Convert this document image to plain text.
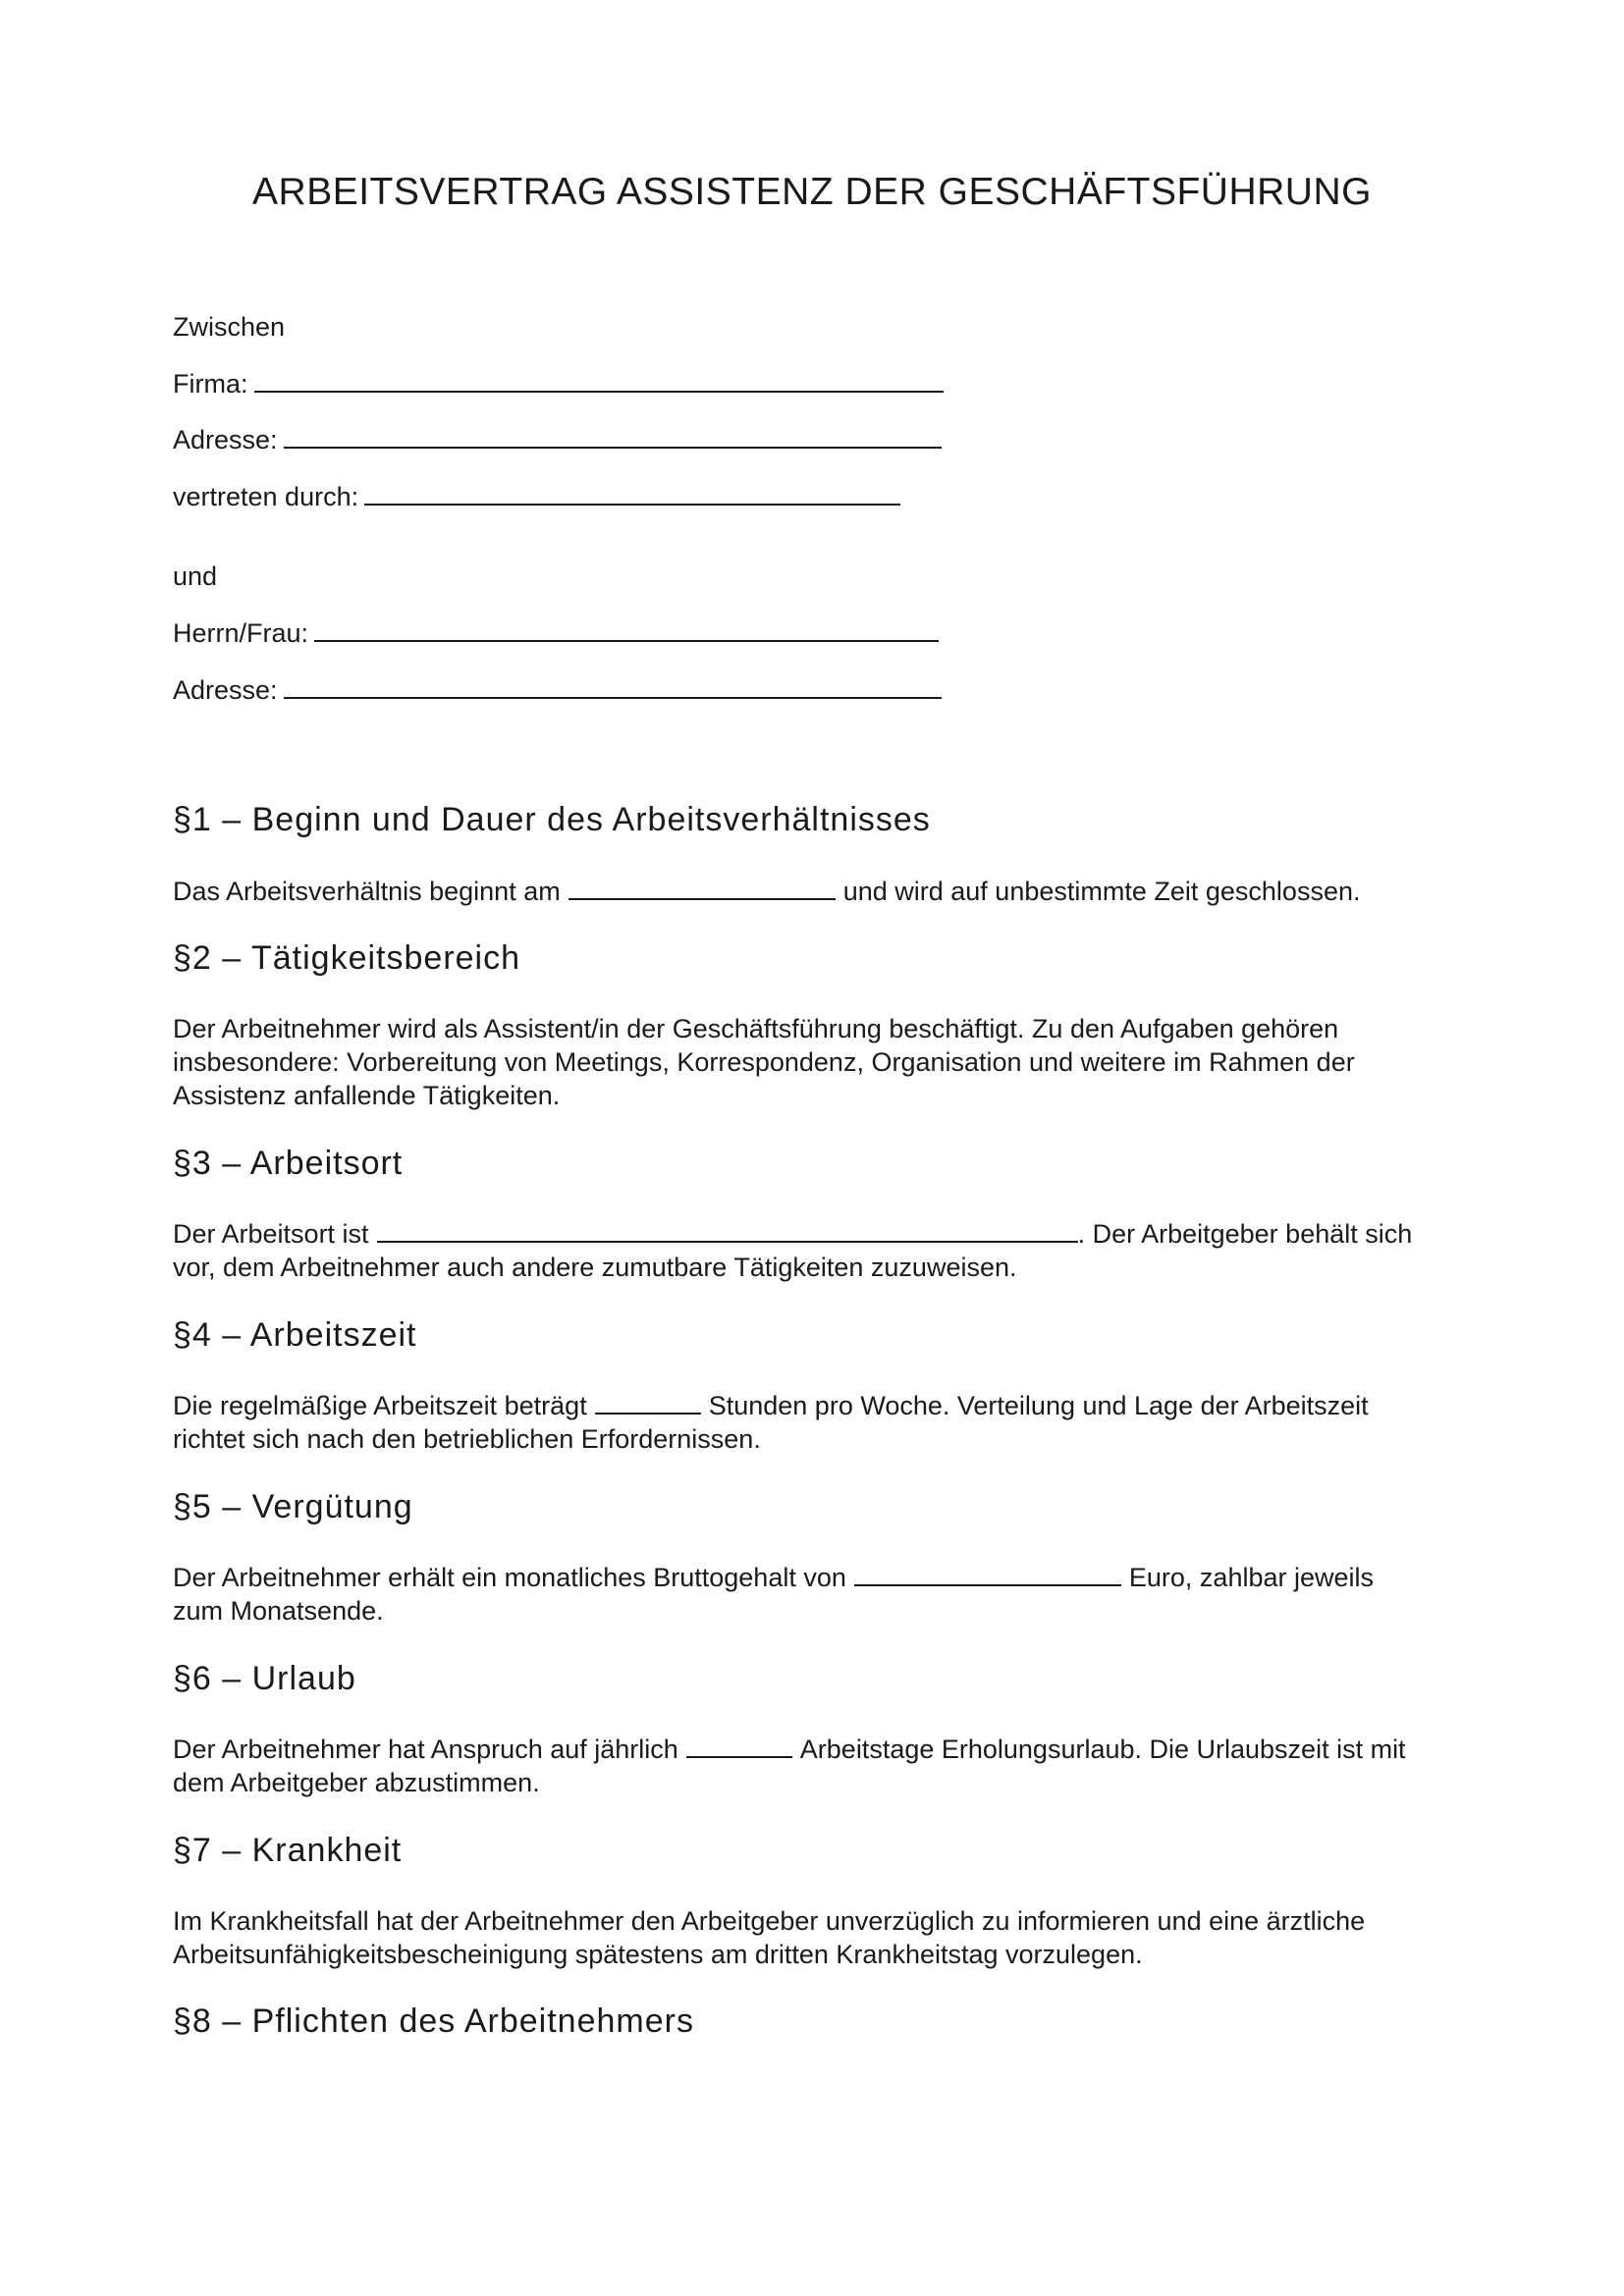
ARBEITSVERTRAG ASSISTENZ DER GESCHÄFTSFÜHRUNG
Zwischen
Firma:
Adresse:
vertreten durch:
und
Herrn/Frau:
Adresse:
§1 – Beginn und Dauer des Arbeitsverhältnisses
Das Arbeitsverhältnis beginnt am	und wird auf unbestimmte Zeit geschlossen.
§2 – Tätigkeitsbereich

Der Arbeitnehmer wird als Assistent/in der Geschäftsführung beschäftigt. Zu den Aufgaben gehören
insbesondere: Vorbereitung von Meetings, Korrespondenz, Organisation und weitere im Rahmen der
Assistenz anfallende Tätigkeiten.

§3 – Arbeitsort

Der Arbeitsort ist	. Der Arbeitgeber behält sich
vor, dem Arbeitnehmer auch andere zumutbare Tätigkeiten zuzuweisen.

§4 – Arbeitszeit

Die regelmäßige Arbeitszeit beträgt	Stunden pro Woche. Verteilung und Lage der Arbeitszeit
richtet sich nach den betrieblichen Erfordernissen.

§5 – Vergütung

Der Arbeitnehmer erhält ein monatliches Bruttogehalt von	Euro, zahlbar jeweils
zum Monatsende.

§6 – Urlaub

Der Arbeitnehmer hat Anspruch auf jährlich	Arbeitstage Erholungsurlaub. Die Urlaubszeit ist mit
dem Arbeitgeber abzustimmen.

§7 – Krankheit

Im Krankheitsfall hat der Arbeitnehmer den Arbeitgeber unverzüglich zu informieren und eine ärztliche
Arbeitsunfähigkeitsbescheinigung spätestens am dritten Krankheitstag vorzulegen.

§8 – Pflichten des Arbeitnehmers
